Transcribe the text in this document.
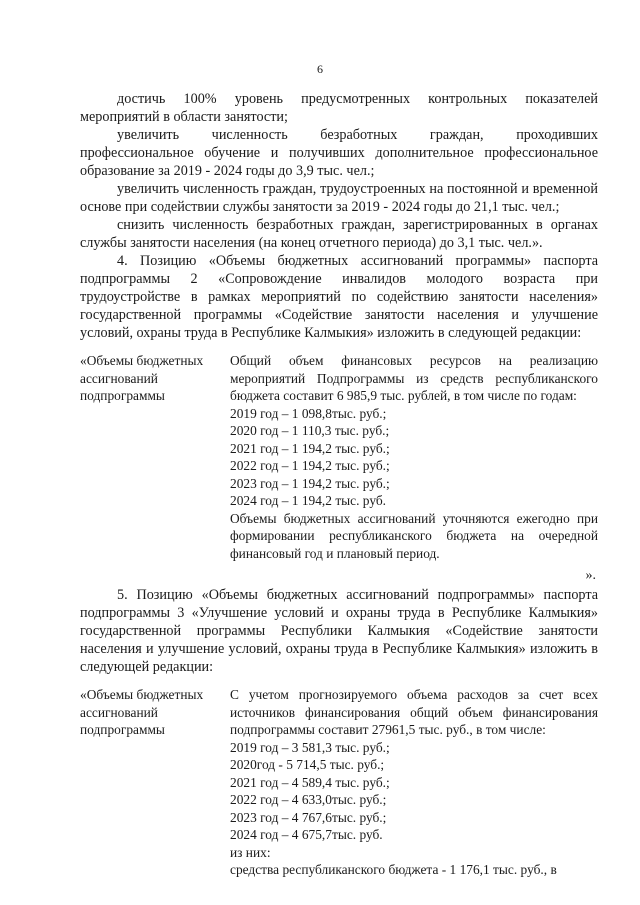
6

достичь 100% уровень предусмотренных контрольных показателей мероприятий в области занятости;

увеличить численность безработных граждан, проходивших профессиональное обучение и получивших дополнительное профессиональное образование за 2019 - 2024 годы до 3,9 тыс. чел.;

увеличить численность граждан, трудоустроенных на постоянной и временной основе при содействии службы занятости за 2019 - 2024 годы до 21,1 тыс. чел.;

снизить численность безработных граждан, зарегистрированных в органах службы занятости населения (на конец отчетного периода) до 3,1 тыс. чел.».

4. Позицию «Объемы бюджетных ассигнований программы» паспорта подпрограммы 2 «Сопровождение инвалидов молодого возраста при трудоустройстве в рамках мероприятий по содействию занятости населения» государственной программы «Содействие занятости населения и улучшение условий, охраны труда в Республике Калмыкия» изложить в следующей редакции:

«Объемы бюджетных ассигнований подпрограммы

Общий объем финансовых ресурсов на реализацию мероприятий Подпрограммы из средств республиканского бюджета составит 6 985,9 тыс. рублей, в том числе по годам:

2019 год – 1 098,8тыс. руб.;
2020 год – 1 110,3 тыс. руб.;
2021 год – 1 194,2 тыс. руб.;
2022 год – 1 194,2 тыс. руб.;
2023 год – 1 194,2 тыс. руб.;
2024 год – 1 194,2 тыс. руб.

Объемы бюджетных ассигнований уточняются ежегодно при формировании республиканского бюджета на очередной финансовый год и плановый период.

».

5. Позицию «Объемы бюджетных ассигнований подпрограммы» паспорта подпрограммы 3 «Улучшение условий и охраны труда в Республике Калмыкия» государственной программы Республики Калмыкия «Содействие занятости населения и улучшение условий, охраны труда в Республике Калмыкия» изложить в следующей редакции:

«Объемы бюджетных ассигнований подпрограммы

С учетом прогнозируемого объема расходов за счет всех источников финансирования общий объем финансирования подпрограммы составит 27961,5 тыс. руб., в том числе:

2019 год – 3 581,3 тыс. руб.;
2020год - 5 714,5 тыс. руб.;
2021 год – 4 589,4 тыс. руб.;
2022 год – 4 633,0тыс. руб.;
2023 год – 4 767,6тыс. руб.;
2024 год – 4 675,7тыс. руб.
из них:

средства республиканского бюджета - 1 176,1 тыс. руб., в
